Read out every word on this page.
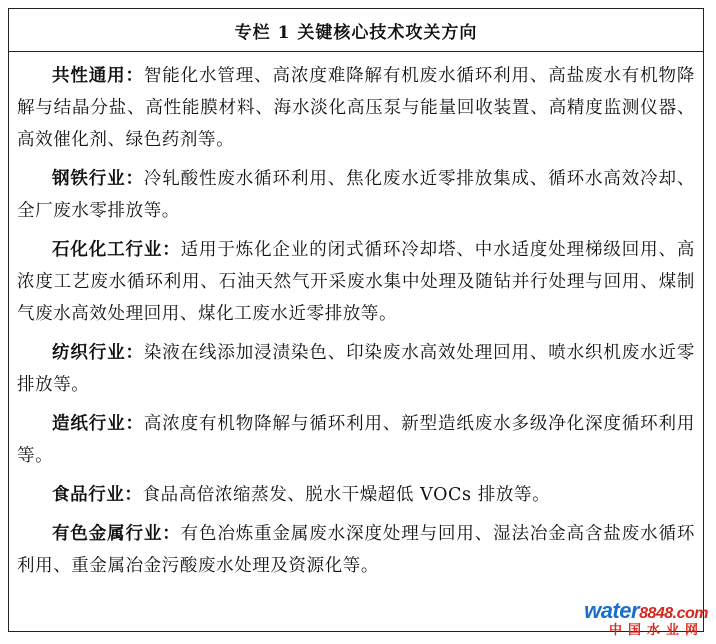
专栏 1 关键核心技术攻关方向

共性通用：智能化水管理、高浓度难降解有机废水循环利用、高盐废水有机物降解与结晶分盐、高性能膜材料、海水淡化高压泵与能量回收装置、高精度监测仪器、高效催化剂、绿色药剂等。

钢铁行业：冷轧酸性废水循环利用、焦化废水近零排放集成、循环水高效冷却、全厂废水零排放等。

石化化工行业：适用于炼化企业的闭式循环冷却塔、中水适度处理梯级回用、高浓度工艺废水循环利用、石油天然气开采废水集中处理及随钻并行处理与回用、煤制气废水高效处理回用、煤化工废水近零排放等。

纺织行业：染液在线添加浸渍染色、印染废水高效处理回用、喷水织机废水近零排放等。

造纸行业：高浓度有机物降解与循环利用、新型造纸废水多级净化深度循环利用等。

食品行业：食品高倍浓缩蒸发、脱水干燥超低 VOCs 排放等。

有色金属行业：有色冶炼重金属废水深度处理与回用、湿法冶金高含盐废水循环利用、重金属冶金污酸废水处理及资源化等。

water8848.com
中国水业网
